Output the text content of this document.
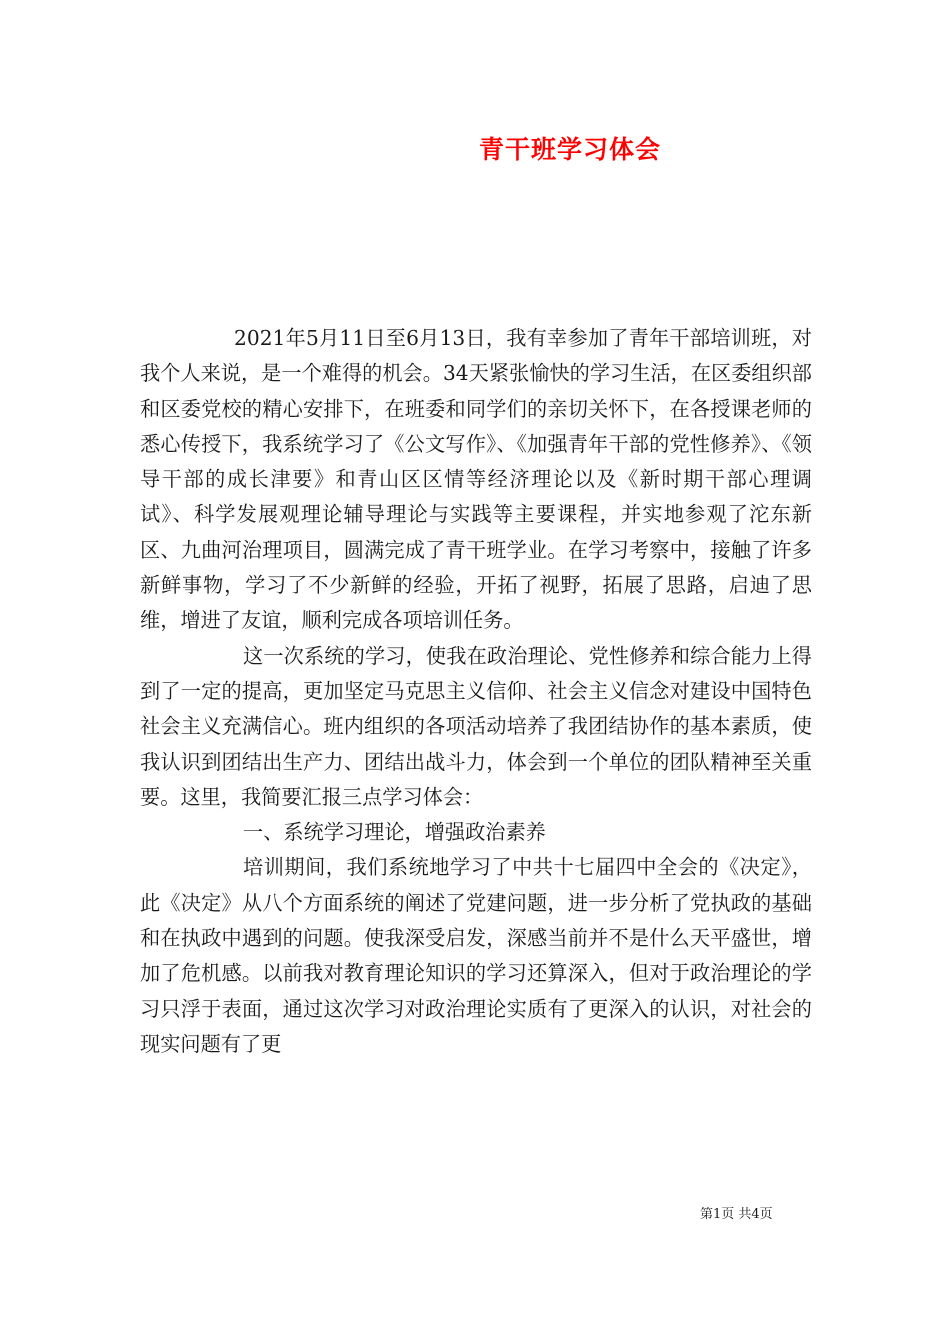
青干班学习体会

2021年5月11日至6月13日，我有幸参加了青年干部培训班，对我个人来说，是一个难得的机会。34天紧张愉快的学习生活，在区委组织部和区委党校的精心安排下，在班委和同学们的亲切关怀下，在各授课老师的悉心传授下，我系统学习了《公文写作》、《加强青年干部的党性修养》、《领导干部的成长津要》和青山区区情等经济理论以及《新时期干部心理调试》、科学发展观理论辅导理论与实践等主要课程，并实地参观了沱东新区、九曲河治理项目，圆满完成了青干班学业。在学习考察中，接触了许多新鲜事物，学习了不少新鲜的经验，开拓了视野，拓展了思路，启迪了思维，增进了友谊，顺利完成各项培训任务。

这一次系统的学习，使我在政治理论、党性修养和综合能力上得到了一定的提高，更加坚定马克思主义信仰、社会主义信念对建设中国特色社会主义充满信心。班内组织的各项活动培养了我团结协作的基本素质，使我认识到团结出生产力、团结出战斗力，体会到一个单位的团队精神至关重要。这里，我简要汇报三点学习体会：

一、系统学习理论，增强政治素养

培训期间，我们系统地学习了中共十七届四中全会的《决定》，此《决定》从八个方面系统的阐述了党建问题，进一步分析了党执政的基础和在执政中遇到的问题。使我深受启发，深感当前并不是什么天平盛世，增加了危机感。以前我对教育理论知识的学习还算深入，但对于政治理论的学习只浮于表面，通过这次学习对政治理论实质有了更深入的认识，对社会的现实问题有了更

第1页 共4页
